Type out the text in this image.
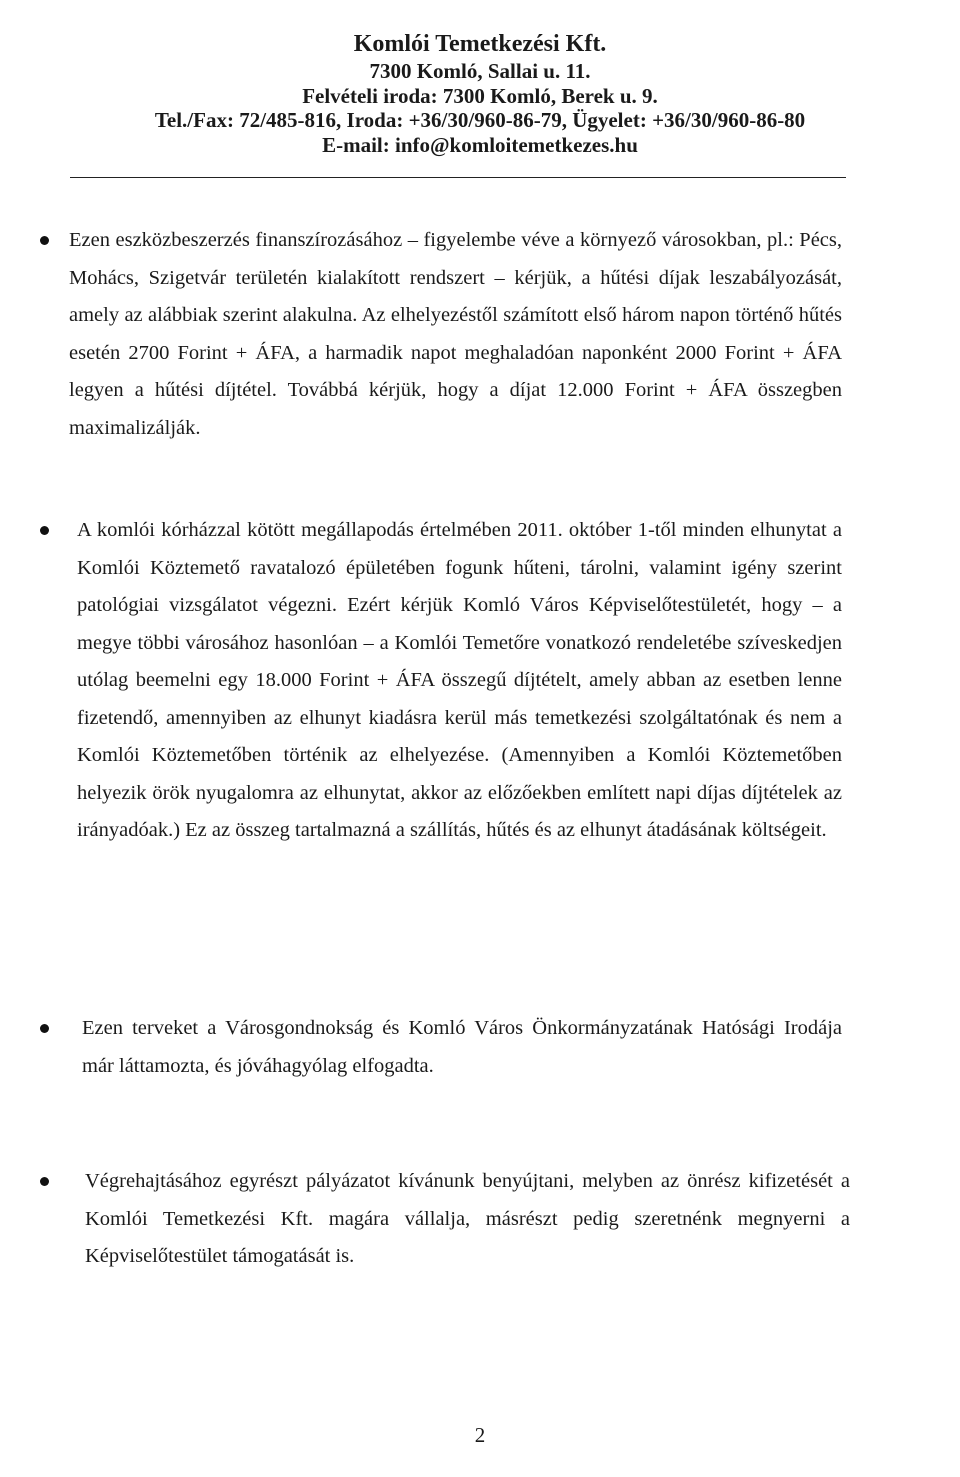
Komlói Temetkezési Kft.
7300 Komló, Sallai u. 11.
Felvételi iroda: 7300 Komló, Berek u. 9.
Tel./Fax: 72/485-816, Iroda: +36/30/960-86-79, Ügyelet: +36/30/960-86-80
E-mail: info@komloitemetkezes.hu
Ezen eszközbeszerzés finanszírozásához – figyelembe véve a környező városokban, pl.: Pécs, Mohács, Szigetvár területén kialakított rendszert – kérjük, a hűtési díjak leszabályozását, amely az alábbiak szerint alakulna. Az elhelyezéstől számított első három napon történő hűtés esetén 2700 Forint + ÁFA, a harmadik napot meghaladóan naponként 2000 Forint + ÁFA legyen a hűtési díjtétel. Továbbá kérjük, hogy a díjat 12.000 Forint + ÁFA összegben maximalizálják.
A komlói kórházzal kötött megállapodás értelmében 2011. október 1-től minden elhunytat a Komlói Köztemető ravatalozó épületében fogunk hűteni, tárolni, valamint igény szerint patológiai vizsgálatot végezni. Ezért kérjük Komló Város Képviselőtestületét, hogy – a megye többi városához hasonlóan – a Komlói Temetőre vonatkozó rendeletébe szíveskedjen utólag beemelni egy 18.000 Forint + ÁFA összegű díjtételt, amely abban az esetben lenne fizetendő, amennyiben az elhunyt kiadásra kerül más temetkezési szolgáltatónak és nem a Komlói Köztemetőben történik az elhelyezése. (Amennyiben a Komlói Köztemetőben helyezik örök nyugalomra az elhunytat, akkor az előzőekben említett napi díjas díjtételek az irányadóak.) Ez az összeg tartalmazná a szállítás, hűtés és az elhunyt átadásának költségeit.
Ezen terveket a Városgondnokság és Komló Város Önkormányzatának Hatósági Irodája már láttamozta, és jóváhagyólag elfogadta.
Végrehajtásához egyrészt pályázatot kívánunk benyújtani, melyben az önrész kifizetését a Komlói Temetkezési Kft. magára vállalja, másrészt pedig szeretnénk megnyerni a Képviselőtestület támogatását is.
2
